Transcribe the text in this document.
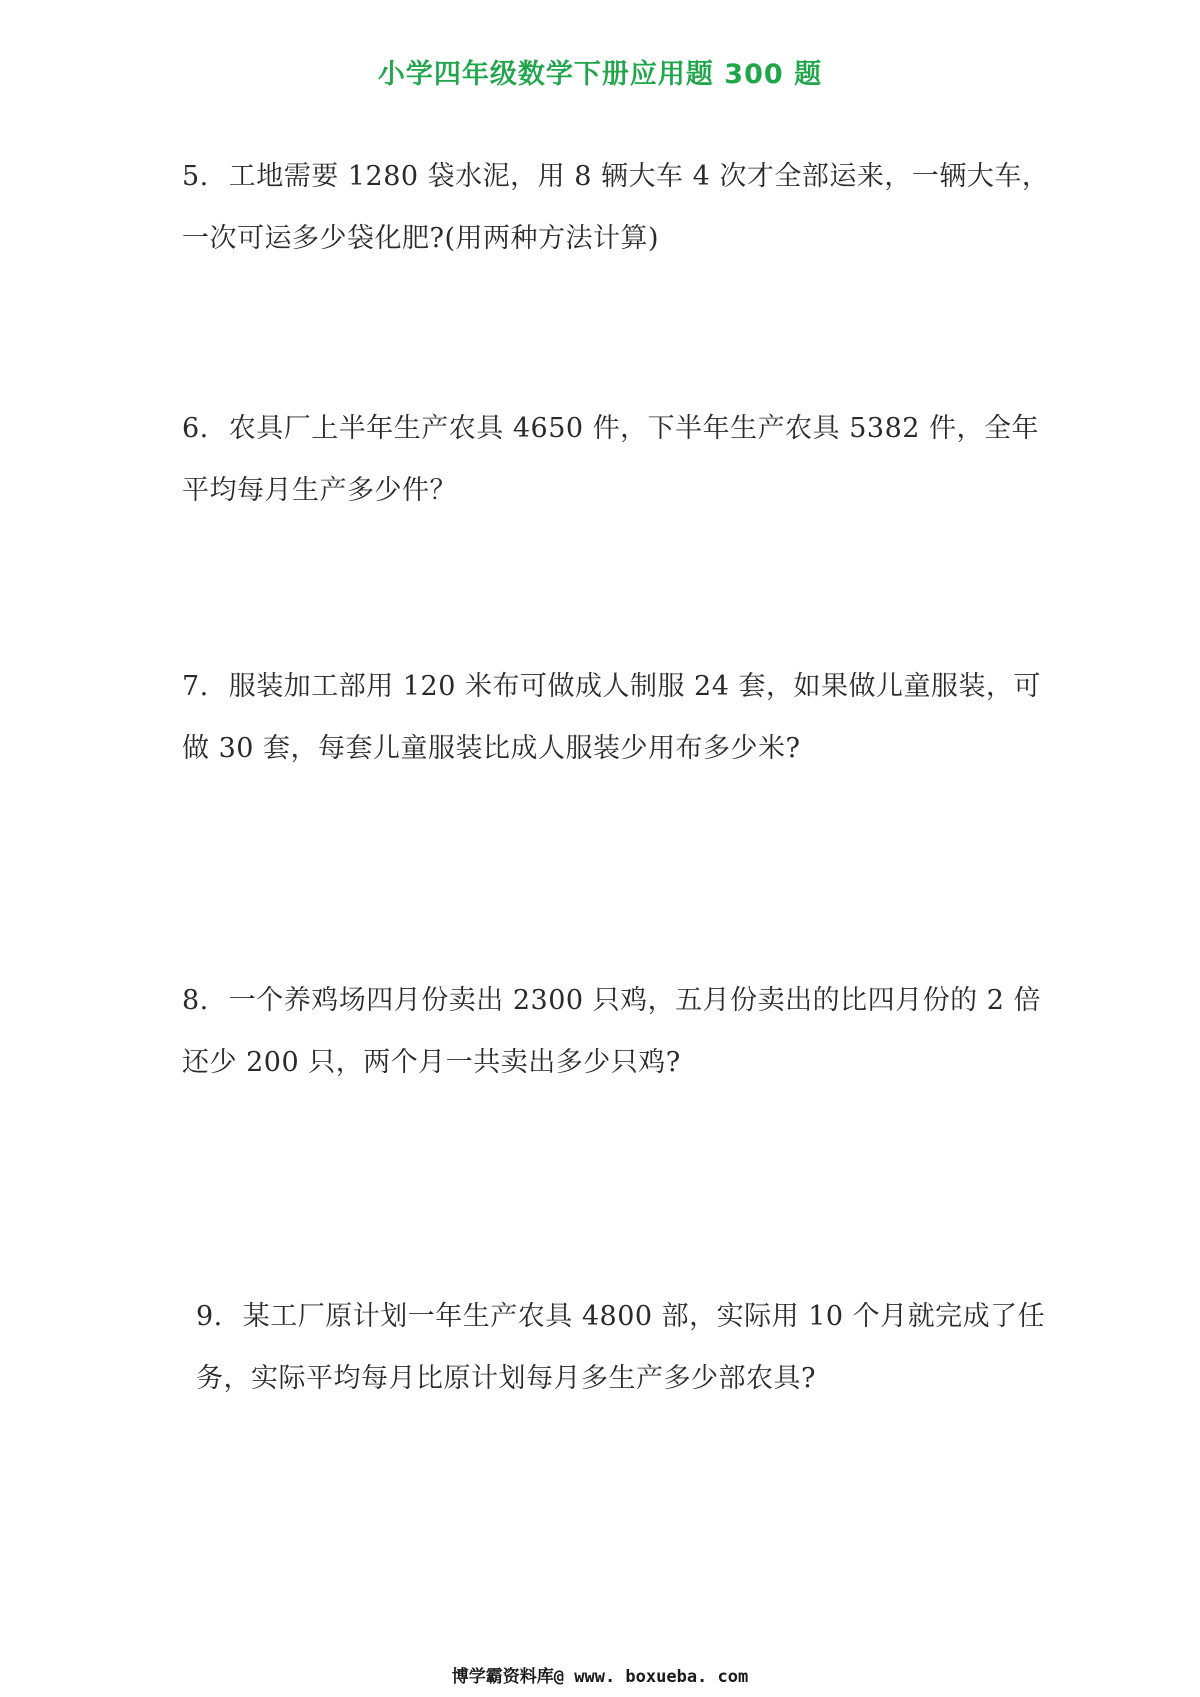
小学四年级数学下册应用题 300 题
5. 工地需要 1280 袋水泥，用 8 辆大车 4 次才全部运来，一辆大车，
一次可运多少袋化肥?(用两种方法计算)
6. 农具厂上半年生产农具 4650 件，下半年生产农具 5382 件，全年
平均每月生产多少件？
7. 服装加工部用 120 米布可做成人制服 24 套，如果做儿童服装，可
做 30 套，每套儿童服装比成人服装少用布多少米?
8. 一个养鸡场四月份卖出 2300 只鸡，五月份卖出的比四月份的 2 倍
还少 200 只，两个月一共卖出多少只鸡?
9. 某工厂原计划一年生产农具 4800 部，实际用 10 个月就完成了任
务，实际平均每月比原计划每月多生产多少部农具?
博学霸资料库@ www. boxueba. com
